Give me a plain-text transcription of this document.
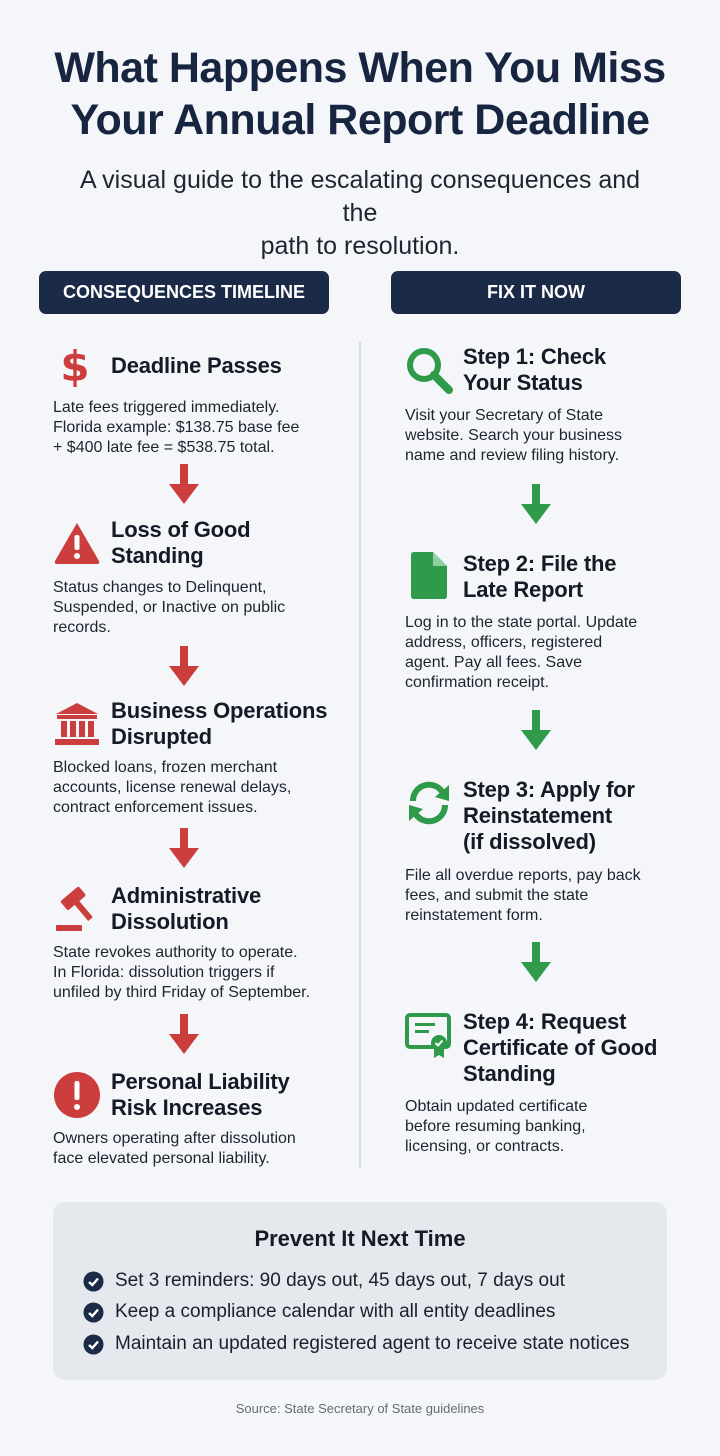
What Happens When You Miss
Your Annual Report Deadline
A visual guide to the escalating consequences and the
path to resolution.
CONSEQUENCES TIMELINE	FIX IT NOW
$ Deadline Passes
Late fees triggered immediately.
Florida example: $138.75 base fee
+ $400 late fee = $538.75 total.
Loss of Good
Standing
Status changes to Delinquent,
Suspended, or Inactive on public
records.
Business Operations
Disrupted
Blocked loans, frozen merchant
accounts, license renewal delays,
contract enforcement issues.
Administrative
Dissolution
State revokes authority to operate.
In Florida: dissolution triggers if
unfiled by third Friday of September.
Personal Liability
Risk Increases
Owners operating after dissolution
face elevated personal liability.
Step 1: Check
Your Status
Visit your Secretary of State
website. Search your business
name and review filing history.
Step 2: File the
Late Report
Log in to the state portal. Update
address, officers, registered
agent. Pay all fees. Save
confirmation receipt.
Step 3: Apply for
Reinstatement
(if dissolved)
File all overdue reports, pay back
fees, and submit the state
reinstatement form.
Step 4: Request
Certificate of Good
Standing
Obtain updated certificate
before resuming banking,
licensing, or contracts.
Prevent It Next Time
Set 3 reminders: 90 days out, 45 days out, 7 days out
Keep a compliance calendar with all entity deadlines
Maintain an updated registered agent to receive state notices
Source: State Secretary of State guidelines
